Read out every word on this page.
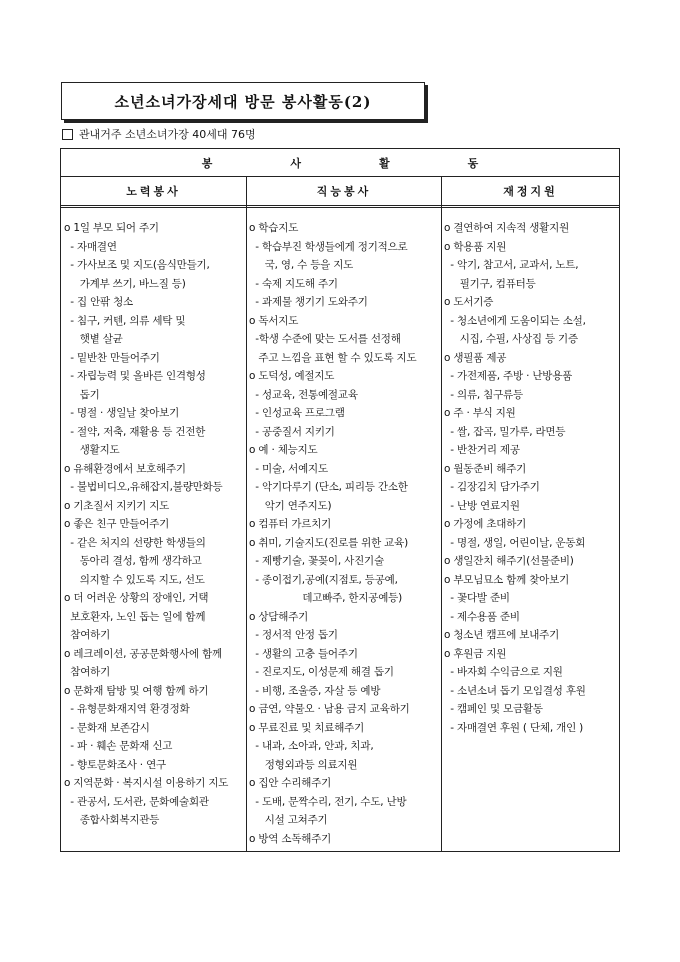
소년소녀가장세대 방문 봉사활동(2)
관내거주 소년소녀가장 40세대 76명
봉사활동
노력봉사	직능봉사	재정지원
o 1일 부모 되어 주기
- 자매결연
- 가사보조 및 지도(음식만들기,
가계부 쓰기, 바느질 등)
- 집 안팎 청소
- 침구, 커텐, 의류 세탁 및
햇볕 살균
- 밑반찬 만들어주기
- 자립능력 및 올바른 인격형성
돕기
- 명절 · 생일날 찾아보기
- 절약, 저축, 재활용 등 건전한
생활지도
o 유해환경에서 보호해주기
- 불법비디오,유해잡지,불량만화등
o 기초질서 지키기 지도
o 좋은 친구 만들어주기
- 같은 처지의 선량한 학생들의
동아리 결성, 함께 생각하고
의지할 수 있도록 지도, 선도
o 더 어려운 상황의 장애인, 거택
보호환자, 노인 돕는 일에 함께
참여하기
o 레크레이션, 공공문화행사에 함께
참여하기
o 문화재 탐방 및 여행 함께 하기
- 유형문화재지역 환경정화
- 문화재 보존감시
- 파 · 훼손 문화재 신고
- 향토문화조사 · 연구
o 지역문화 · 복지시설 이용하기 지도
- 관공서, 도서관, 문화예술회관
종합사회복지관등
o 학습지도
- 학습부진 학생들에게 정기적으로
국, 영, 수 등을 지도
- 숙제 지도해 주기
- 과제물 챙기기 도와주기
o 독서지도
-학생 수준에 맞는 도서를 선정해
주고 느낌을 표현 할 수 있도록 지도
o 도덕성, 예절지도
- 성교육, 전통예절교육
- 인성교육 프로그램
- 공중질서 지키기
o 예 · 체능지도
- 미술, 서예지도
- 악기다루기 (단소, 피리등 간소한
악기 연주지도)
o 컴퓨터 가르치기
o 취미, 기술지도(진로를 위한 교육)
- 제빵기술, 꽃꽂이, 사진기술
- 종이접기,공예(지점토, 등공예,
데고빠주, 한지공예등)
o 상담해주기
- 정서적 안정 돕기
- 생활의 고충 들어주기
- 진로지도, 이성문제 해결 돕기
- 비행, 조울증, 자살 등 예방
o 금연, 약물오 · 남용 금지 교육하기
o 무료진료 및 치료해주기
- 내과, 소아과, 안과, 치과,
정형외과등 의료지원
o 집안 수리해주기
- 도배, 문짝수리, 전기, 수도, 난방
시설 고쳐주기
o 방역 소독해주기
o 결연하여 지속적 생활지원
o 학용품 지원
- 악기, 참고서, 교과서, 노트,
필기구, 컴퓨터등
o 도서기증
- 청소년에게 도움이되는 소설,
시집, 수필, 사상집 등 기증
o 생필품 제공
- 가전제품, 주방 · 난방용품
- 의류, 침구류등
o 주 · 부식 지원
- 쌀, 잡곡, 밀가루, 라면등
- 반찬거리 제공
o 월동준비 해주기
- 김장김치 담가주기
- 난방 연료지원
o 가정에 초대하기
- 명절, 생일, 어린이날, 운동회
o 생일잔치 해주기(선물준비)
o 부모님묘소 함께 찾아보기
- 꽃다발 준비
- 제수용품 준비
o 청소년 캠프에 보내주기
o 후원금 지원
- 바자회 수익금으로 지원
- 소년소녀 돕기 모임결성 후원
- 캠페인 및 모금활동
- 자매결연 후원 ( 단체, 개인 )
